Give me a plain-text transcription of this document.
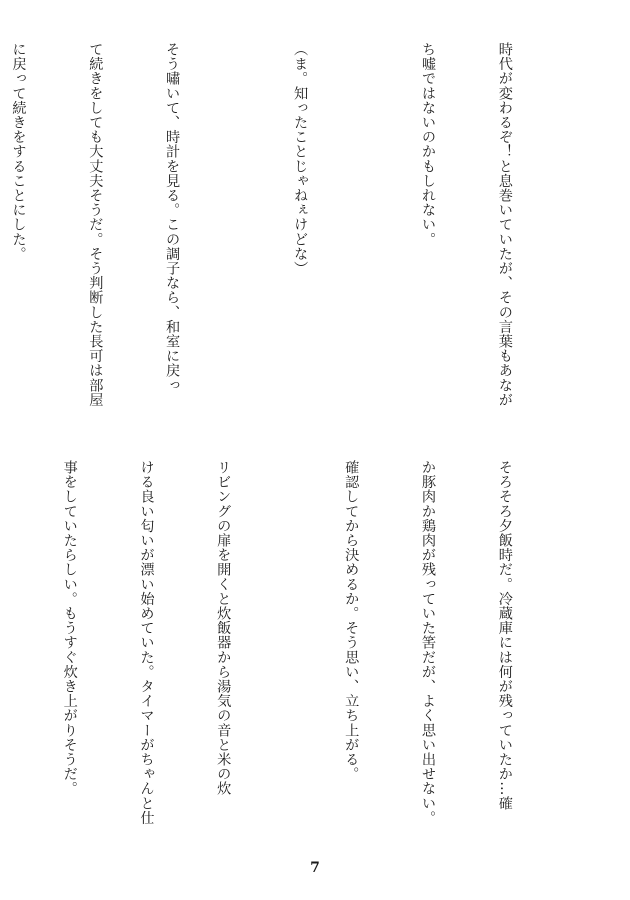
時代が変わるぞ！と息巻いていたが、その言葉もあなが

ち嘘ではないのかもしれない。

（ま。知ったことじゃねぇけどな）

そう嘯いて、時計を見る。この調子なら、和室に戻っ

て続きをしても大丈夫そうだ。そう判断した長可は部屋

に戻って続きをすることにした。

そろそろ夕飯時だ。冷蔵庫には何が残っていたか…確

か豚肉か鶏肉が残っていた筈だが、よく思い出せない。

確認してから決めるか。そう思い、立ち上がる。

リビングの扉を開くと炊飯器から湯気の音と米の炊

ける良い匂いが漂い始めていた。タイマーがちゃんと仕

事をしていたらしい。もうすぐ炊き上がりそうだ。

7
